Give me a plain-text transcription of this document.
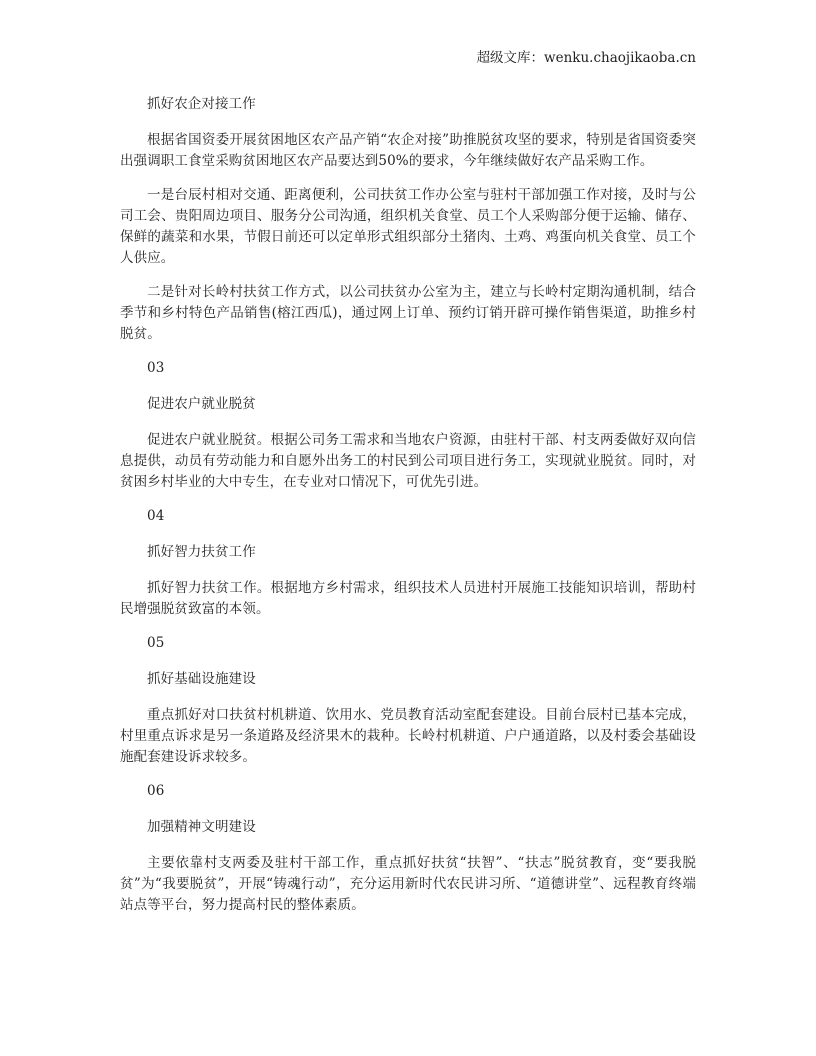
超级文库：wenku.chaojikaoba.cn

抓好农企对接工作

根据省国资委开展贫困地区农产品产销“农企对接”助推脱贫攻坚的要求，特别是省国资委突出强调职工食堂采购贫困地区农产品要达到50%的要求，今年继续做好农产品采购工作。

一是台辰村相对交通、距离便利，公司扶贫工作办公室与驻村干部加强工作对接，及时与公司工会、贵阳周边项目、服务分公司沟通，组织机关食堂、员工个人采购部分便于运输、储存、保鲜的蔬菜和水果，节假日前还可以定单形式组织部分土猪肉、土鸡、鸡蛋向机关食堂、员工个人供应。

二是针对长岭村扶贫工作方式，以公司扶贫办公室为主，建立与长岭村定期沟通机制，结合季节和乡村特色产品销售(榕江西瓜)，通过网上订单、预约订销开辟可操作销售渠道，助推乡村脱贫。

03

促进农户就业脱贫

促进农户就业脱贫。根据公司务工需求和当地农户资源，由驻村干部、村支两委做好双向信息提供，动员有劳动能力和自愿外出务工的村民到公司项目进行务工，实现就业脱贫。同时，对贫困乡村毕业的大中专生，在专业对口情况下，可优先引进。

04

抓好智力扶贫工作

抓好智力扶贫工作。根据地方乡村需求，组织技术人员进村开展施工技能知识培训，帮助村民增强脱贫致富的本领。

05

抓好基础设施建设

重点抓好对口扶贫村机耕道、饮用水、党员教育活动室配套建设。目前台辰村已基本完成，村里重点诉求是另一条道路及经济果木的栽种。长岭村机耕道、户户通道路，以及村委会基础设施配套建设诉求较多。

06

加强精神文明建设

主要依靠村支两委及驻村干部工作，重点抓好扶贫“扶智”、“扶志”脱贫教育，变“要我脱贫”为“我要脱贫”，开展“铸魂行动”，充分运用新时代农民讲习所、“道德讲堂”、远程教育终端站点等平台，努力提高村民的整体素质。
